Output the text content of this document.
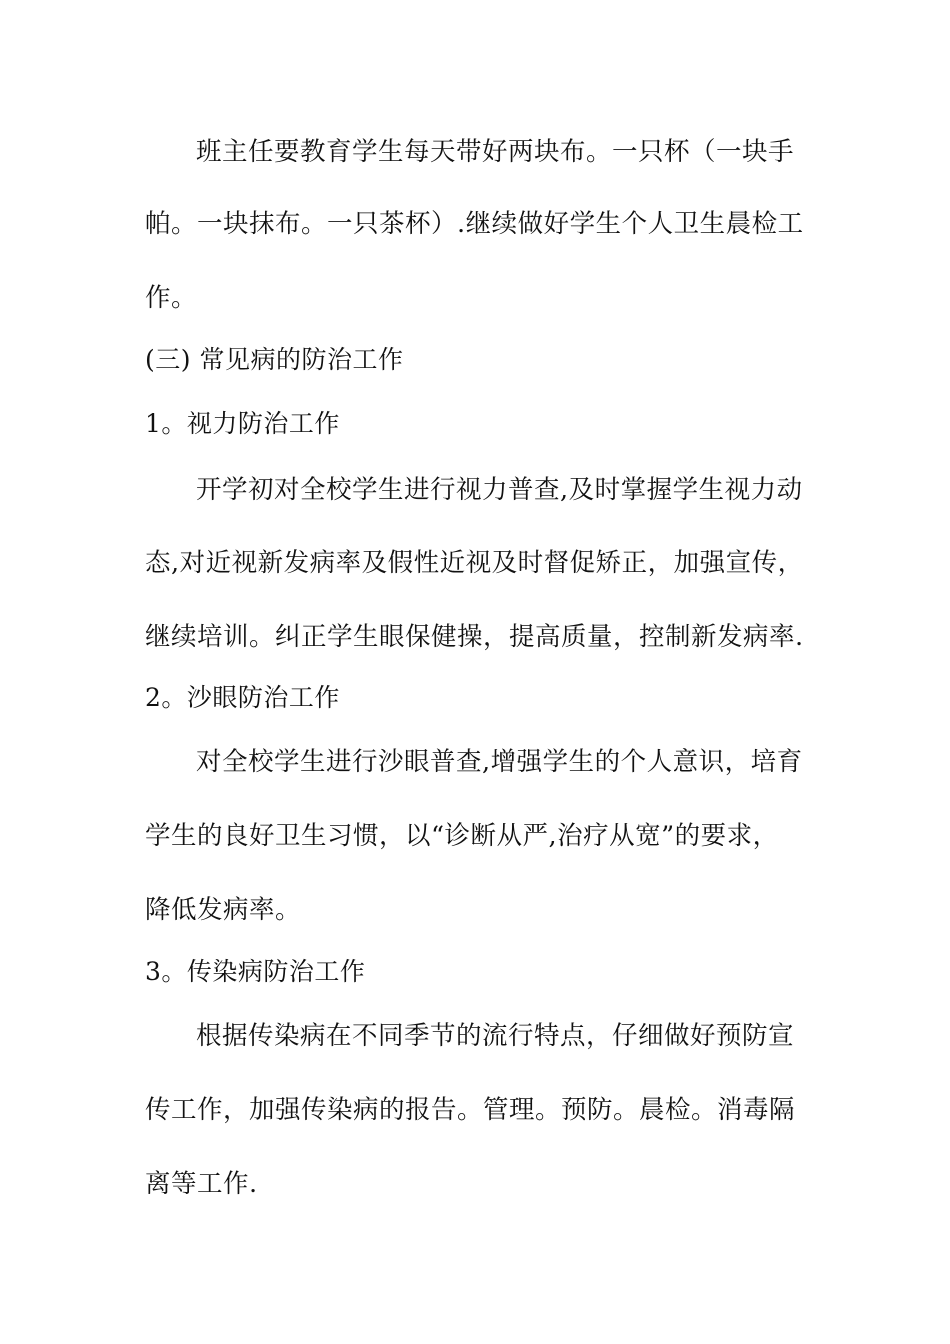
班主任要教育学生每天带好两块布。一只杯（一块手
帕。一块抹布。一只茶杯）.继续做好学生个人卫生晨检工
作。
(三) 常见病的防治工作
1。视力防治工作
开学初对全校学生进行视力普查,及时掌握学生视力动
态,对近视新发病率及假性近视及时督促矫正，加强宣传，
继续培训。纠正学生眼保健操，提高质量，控制新发病率.
2。沙眼防治工作
对全校学生进行沙眼普查,增强学生的个人意识，培育
学生的良好卫生习惯，以“诊断从严,治疗从宽”的要求，
降低发病率。
3。传染病防治工作
根据传染病在不同季节的流行特点，仔细做好预防宣
传工作，加强传染病的报告。管理。预防。晨检。消毒隔
离等工作.
